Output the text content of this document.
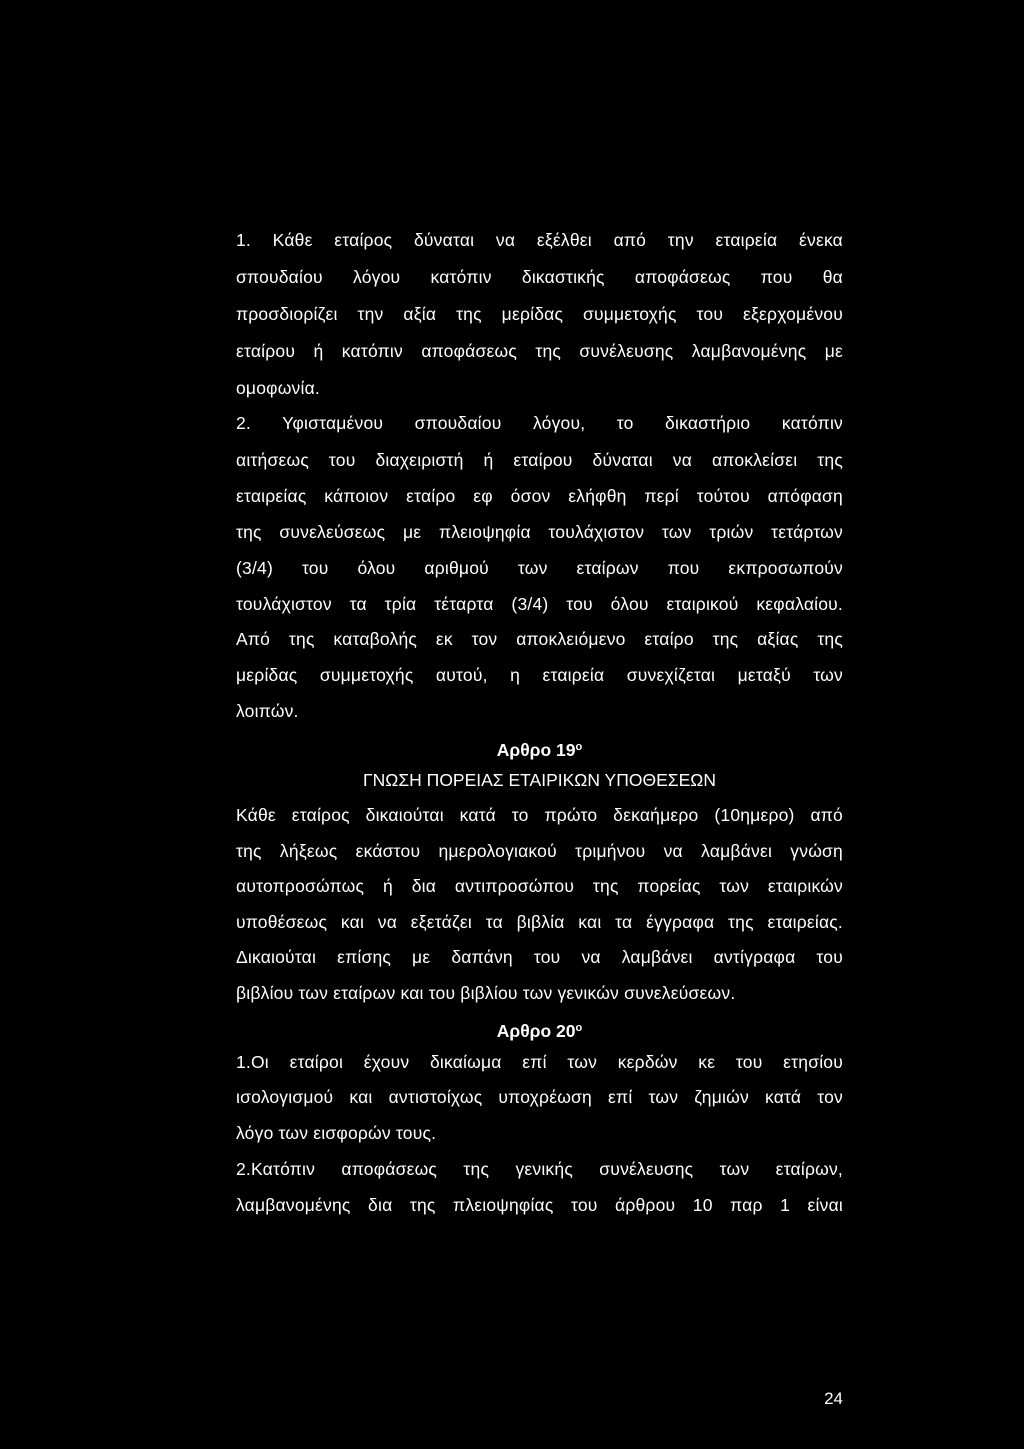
1. Κάθε εταίρος δύναται να εξέλθει από την εταιρεία ένεκα
σπουδαίου λόγου κατόπιν δικαστικής αποφάσεως που θα
προσδιορίζει την αξία της μερίδας συμμετοχής του εξερχομένου
εταίρου ή κατόπιν αποφάσεως της συνέλευσης λαμβανομένης με
ομοφωνία.
2. Υφισταμένου σπουδαίου λόγου, το δικαστήριο κατόπιν
αιτήσεως του διαχειριστή ή εταίρου δύναται να αποκλείσει της
εταιρείας κάποιον εταίρο εφ όσον ελήφθη περί τούτου απόφαση
της συνελεύσεως με πλειοψηφία τουλάχιστον των τριών τετάρτων
(3/4) του όλου αριθμού των εταίρων που εκπροσωπούν
τουλάχιστον τα τρία τέταρτα (3/4) του όλου εταιρικού κεφαλαίου.
Από της καταβολής εκ τον αποκλειόμενο εταίρο της αξίας της
μερίδας συμμετοχής αυτού, η εταιρεία συνεχίζεται μεταξύ των
λοιπών.
Αρθρο $19^o$
ΓΝΩΣΗ ΠΟΡΕΙΑΣ ΕΤΑΙΡΙΚΩΝ ΥΠΟΘΕΣΕΩΝ
Κάθε εταίρος δικαιούται κατά το πρώτο δεκαήμερο (10ημερο) από
της λήξεως εκάστου ημερολογιακού τριμήνου να λαμβάνει γνώση
αυτοπροσώπως ή δια αντιπροσώπου της πορείας των εταιρικών
υποθέσεως και να εξετάζει τα βιβλία και τα έγγραφα της εταιρείας.
Δικαιούται επίσης με δαπάνη του να λαμβάνει αντίγραφα του
βιβλίου των εταίρων και του βιβλίου των γενικών συνελεύσεων.
Αρθρο $20^o$
1.Οι εταίροι έχουν δικαίωμα επί των κερδών κε του ετησίου
ισολογισμού και αντιστοίχως υποχρέωση επί των ζημιών κατά τον
λόγο των εισφορών τους.
2.Κατόπιν αποφάσεως της γενικής συνέλευσης των εταίρων,
λαμβανομένης δια της πλειοψηφίας του άρθρου 10 παρ 1 είναι
24
